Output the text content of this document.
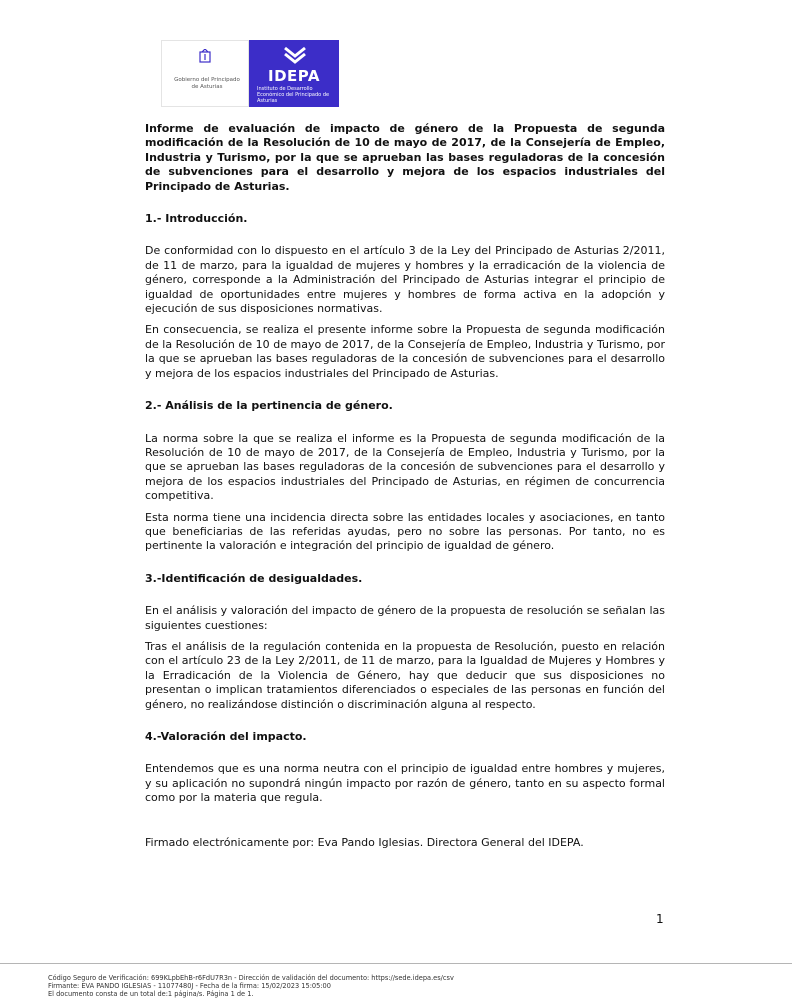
Gobierno del Principado de Asturias
IDEPA
Instituto de Desarrollo Económico del Principado de Asturias

Informe de evaluación de impacto de género de la Propuesta de segunda modificación de la Resolución de 10 de mayo de 2017, de la Consejería de Empleo, Industria y Turismo, por la que se aprueban las bases reguladoras de la concesión de subvenciones para el desarrollo y mejora de los espacios industriales del Principado de Asturias.

1.- Introducción.

De conformidad con lo dispuesto en el artículo 3 de la Ley del Principado de Asturias 2/2011, de 11 de marzo, para la igualdad de mujeres y hombres y la erradicación de la violencia de género, corresponde a la Administración del Principado de Asturias integrar el principio de igualdad de oportunidades entre mujeres y hombres de forma activa en la adopción y ejecución de sus disposiciones normativas.

En consecuencia, se realiza el presente informe sobre la Propuesta de segunda modificación de la Resolución de 10 de mayo de 2017, de la Consejería de Empleo, Industria y Turismo, por la que se aprueban las bases reguladoras de la concesión de subvenciones para el desarrollo y mejora de los espacios industriales del Principado de Asturias.

2.- Análisis de la pertinencia de género.

La norma sobre la que se realiza el informe es la Propuesta de segunda modificación de la Resolución de 10 de mayo de 2017, de la Consejería de Empleo, Industria y Turismo, por la que se aprueban las bases reguladoras de la concesión de subvenciones para el desarrollo y mejora de los espacios industriales del Principado de Asturias, en régimen de concurrencia competitiva.

Esta norma tiene una incidencia directa sobre las entidades locales y asociaciones, en tanto que beneficiarias de las referidas ayudas, pero no sobre las personas. Por tanto, no es pertinente la valoración e integración del principio de igualdad de género.

3.-Identificación de desigualdades.

En el análisis y valoración del impacto de género de la propuesta de resolución se señalan las siguientes cuestiones:

Tras el análisis de la regulación contenida en la propuesta de Resolución, puesto en relación con el artículo 23 de la Ley 2/2011, de 11 de marzo, para la Igualdad de Mujeres y Hombres y la Erradicación de la Violencia de Género, hay que deducir que sus disposiciones no presentan o implican tratamientos diferenciados o especiales de las personas en función del género, no realizándose distinción o discriminación alguna al respecto.

4.-Valoración del impacto.

Entendemos que es una norma neutra con el principio de igualdad entre hombres y mujeres, y su aplicación no supondrá ningún impacto por razón de género, tanto en su aspecto formal como por la materia que regula.

Firmado electrónicamente por: Eva Pando Iglesias. Directora General del IDEPA.

1
Código Seguro de Verificación: 699KLpbEhB-r6FdU7R3n - Dirección de validación del documento: https://sede.idepa.es/csv
Firmante: EVA PANDO IGLESIAS - 11077480J - Fecha de la firma: 15/02/2023 15:05:00
El documento consta de un total de:1 página/s. Página 1 de 1.
